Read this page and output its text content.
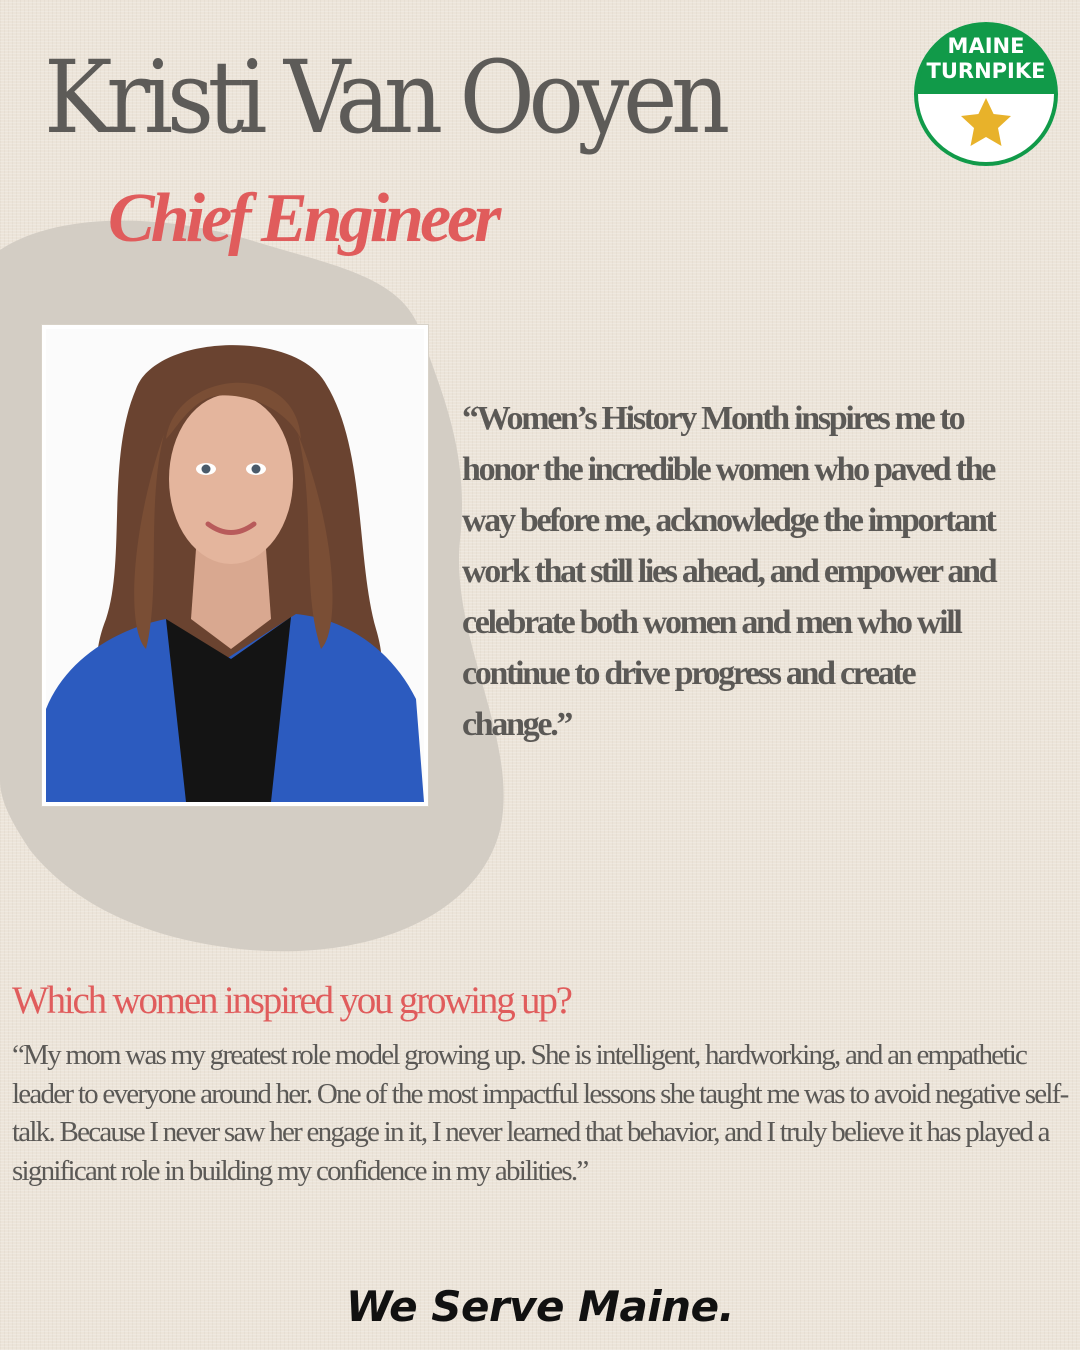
Kristi Van Ooyen
Chief Engineer
MAINE
TURNPIKE

“Women’s History Month inspires me to honor the incredible women who paved the way before me, acknowledge the important work that still lies ahead, and empower and celebrate both women and men who will continue to drive progress and create change.”

Which women inspired you growing up?

“My mom was my greatest role model growing up. She is intelligent, hardworking, and an empathetic leader to everyone around her. One of the most impactful lessons she taught me was to avoid negative self-talk. Because I never saw her engage in it, I never learned that behavior, and I truly believe it has played a significant role in building my confidence in my abilities.”

We Serve Maine.
